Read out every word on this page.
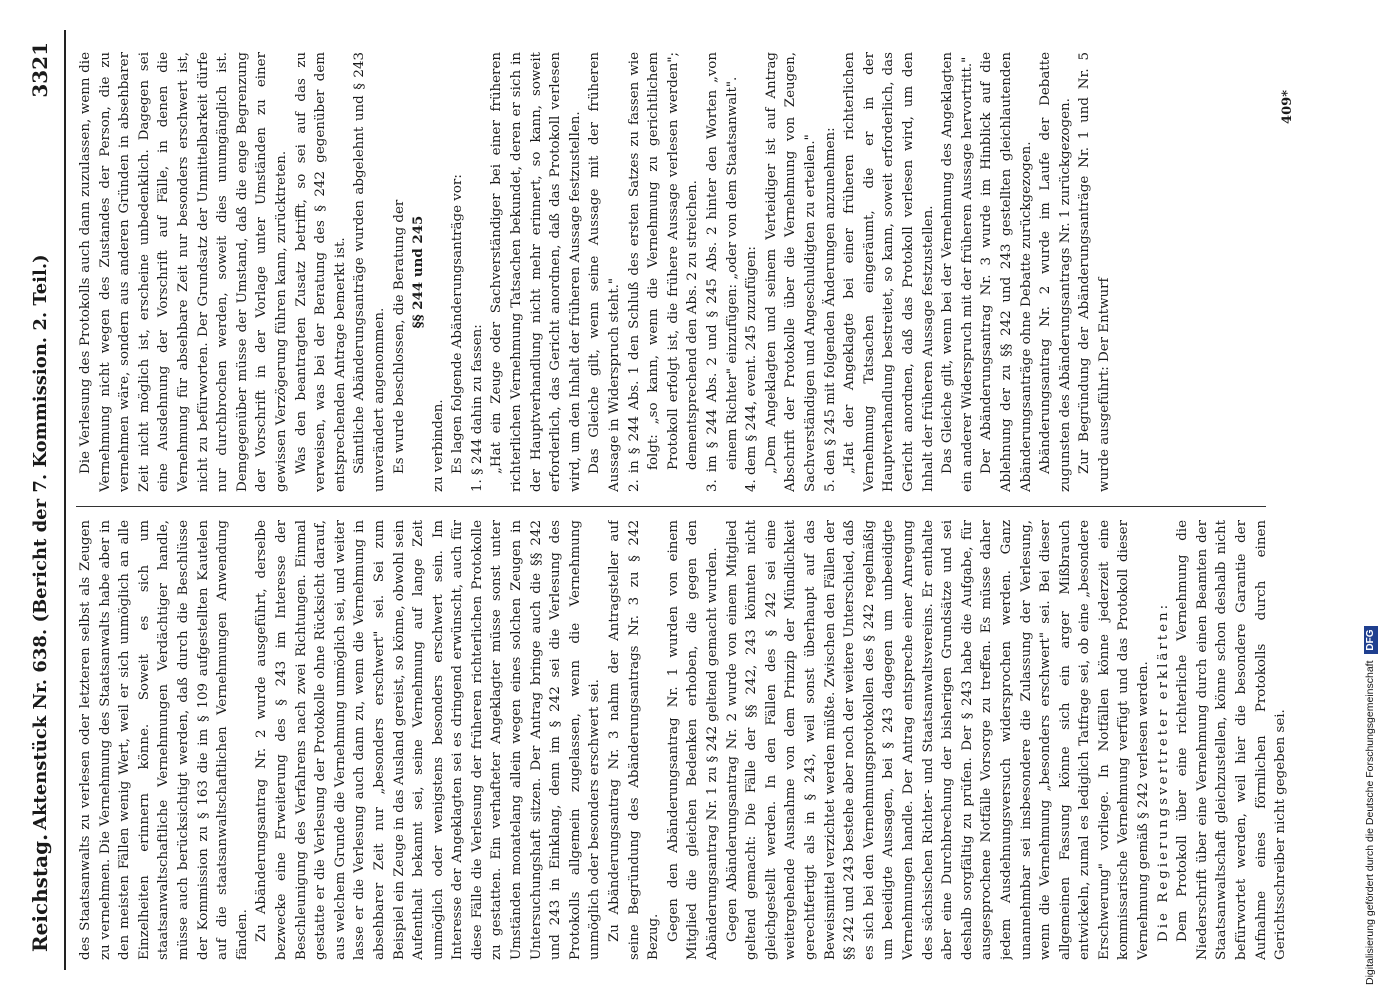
Reichstag.
Aktenstück Nr. 638. (Bericht der 7. Kommission. 2. Teil.)
3321

des Staatsanwalts zu verlesen oder letzteren selbst als Zeugen zu vernehmen. Die Vernehmung des Staatsanwalts habe aber in den meisten Fällen wenig Wert, weil er sich unmöglich an alle Einzelheiten erinnern könne. Soweit es sich um staatsanwaltschaftliche Vernehmungen Verdächtiger handle, müsse auch berücksichtigt werden, daß durch die Beschlüsse der Kommission zu § 163 die im § 109 aufgestellten Kautelen auf die staatsanwaltschaftlichen Vernehmungen Anwendung fänden. Zu Abänderungsantrag Nr. 2 wurde ausgeführt, derselbe bezwecke eine Erweiterung des § 243 im Interesse der Beschleunigung des Verfahrens nach zwei Richtungen. Einmal gestatte er die Verlesung der Protokolle ohne Rücksicht darauf, aus welchem Grunde die Vernehmung unmöglich sei, und weiter lasse er die Verlesung auch dann zu, wenn die Vernehmung in absehbarer Zeit nur „besonders erschwert" sei. Sei zum Beispiel ein Zeuge in das Ausland gereist, so könne, obwohl sein Aufenthalt bekannt sei, seine Vernehmung auf lange Zeit unmöglich oder wenigstens besonders erschwert sein. Im Interesse der Angeklagten sei es dringend erwünscht, auch für diese Fälle die Verlesung der früheren richterlichen Protokolle zu gestatten. Ein verhafteter Angeklagter müsse sonst unter Umständen monatelang allein wegen eines solchen Zeugen in Untersuchungshaft sitzen. Der Antrag bringe auch die §§ 242 und 243 in Einklang, denn im § 242 sei die Verlesung des Protokolls allgemein zugelassen, wenn die Vernehmung unmöglich oder besonders erschwert sei. Zu Abänderungsantrag Nr. 3 nahm der Antragsteller auf seine Begründung des Abänderungsantrags Nr. 3 zu § 242 Bezug. Gegen den Abänderungsantrag Nr. 1 wurden von einem Mitglied die gleichen Bedenken erhoben, die gegen den Abänderungsantrag Nr. 1 zu § 242 geltend gemacht wurden. Gegen Abänderungsantrag Nr. 2 wurde von einem Mitglied geltend gemacht: Die Fälle der §§ 242, 243 könnten nicht gleichgestellt werden. In den Fällen des § 242 sei eine weitergehende Ausnahme von dem Prinzip der Mündlichkeit gerechtfertigt als in § 243, weil sonst überhaupt auf das Beweismittel verzichtet werden müßte. Zwischen den Fällen der §§ 242 und 243 bestehe aber noch der weitere Unterschied, daß es sich bei den Vernehmungsprotokollen des § 242 regelmäßig um beeidigte Aussagen, bei § 243 dagegen um unbeeidigte Vernehmungen handle. Der Antrag entspreche einer Anregung des sächsischen Richter- und Staatsanwaltsvereins. Er enthalte aber eine Durchbrechung der bisherigen Grundsätze und sei deshalb sorgfältig zu prüfen. Der § 243 habe die Aufgabe, für ausgesprochene Notfälle Vorsorge zu treffen. Es müsse daher jedem Ausdehnungsversuch widersprochen werden. Ganz unannehmbar sei insbesondere die Zulassung der Verlesung, wenn die Vernehmung „besonders erschwert" sei. Bei dieser allgemeinen Fassung könne sich ein arger Mißbrauch entwickeln, zumal es lediglich Tatfrage sei, ob eine „besondere Erschwerung" vorliege. In Notfällen könne jederzeit eine kommissarische Vernehmung verfügt und das Protokoll dieser Vernehmung gemäß § 242 verlesen werden. Die Regierungsvertreter erklärten: Dem Protokoll über eine richterliche Vernehmung die Niederschrift über eine Vernehmung durch einen Beamten der Staatsanwaltschaft gleichzustellen, könne schon deshalb nicht befürwortet werden, weil hier die besondere Garantie der Aufnahme eines förmlichen Protokolls durch einen Gerichtsschreiber nicht gegeben sei.

Die Verlesung des Protokolls auch dann zuzulassen, wenn die Vernehmung nicht wegen des Zustandes der Person, die zu vernehmen wäre, sondern aus anderen Gründen in absehbarer Zeit nicht möglich ist, erscheine unbedenklich. Dagegen sei eine Ausdehnung der Vorschrift auf Fälle, in denen die Vernehmung für absehbare Zeit nur besonders erschwert ist, nicht zu befürworten. Der Grundsatz der Unmittelbarkeit dürfe nur durchbrochen werden, soweit dies unumgänglich ist. Demgegenüber müsse der Umstand, daß die enge Begrenzung der Vorschrift in der Vorlage unter Umständen zu einer gewissen Verzögerung führen kann, zurücktreten. Was den beantragten Zusatz betrifft, so sei auf das zu verweisen, was bei der Beratung des § 242 gegenüber dem entsprechenden Antrage bemerkt ist. Sämtliche Abänderungsanträge wurden abgelehnt und § 243 unverändert angenommen. Es wurde beschlossen, die Beratung der §§ 244 und 245

zu verbinden. Es lagen folgende Abänderungsanträge vor: 1. § 244 dahin zu fassen: „Hat ein Zeuge oder Sachverständiger bei einer früheren richterlichen Vernehmung Tatsachen bekundet, deren er sich in der Hauptverhandlung nicht mehr erinnert, so kann, soweit erforderlich, das Gericht anordnen, daß das Protokoll verlesen wird, um den Inhalt der früheren Aussage festzustellen. Das Gleiche gilt, wenn seine Aussage mit der früheren Aussage in Widerspruch steht." 2. in § 244 Abs. 1 den Schluß des ersten Satzes zu fassen wie folgt: „so kann, wenn die Vernehmung zu gerichtlichem Protokoll erfolgt ist, die frühere Aussage verlesen werden"; dementsprechend den Abs. 2 zu streichen. 3. im § 244 Abs. 2 und § 245 Abs. 2 hinter den Worten „von einem Richter" einzufügen: „oder von dem Staatsanwalt". 4. dem § 244, event. 245 zuzufügen: „Dem Angeklagten und seinem Verteidiger ist auf Antrag Abschrift der Protokolle über die Vernehmung von Zeugen, Sachverständigen und Angeschuldigten zu erteilen." 5. den § 245 mit folgenden Änderungen anzunehmen: „Hat der Angeklagte bei einer früheren richterlichen Vernehmung Tatsachen eingeräumt, die er in der Hauptverhandlung bestreitet, so kann, soweit erforderlich, das Gericht anordnen, daß das Protokoll verlesen wird, um den Inhalt der früheren Aussage festzustellen. Das Gleiche gilt, wenn bei der Vernehmung des Angeklagten ein anderer Widerspruch mit der früheren Aussage hervortritt." Der Abänderungsantrag Nr. 3 wurde im Hinblick auf die Ablehnung der zu §§ 242 und 243 gestellten gleichlautenden Abänderungsanträge ohne Debatte zurückgezogen. Abänderungsantrag Nr. 2 wurde im Laufe der Debatte zugunsten des Abänderungsantrags Nr. 1 zurückgezogen. Zur Begründung der Abänderungsanträge Nr. 1 und Nr. 5 wurde ausgeführt: Der Entwurf

409*
Digitalisierung gefördert durch die Deutsche Forschungsgemeinschaft DFG
